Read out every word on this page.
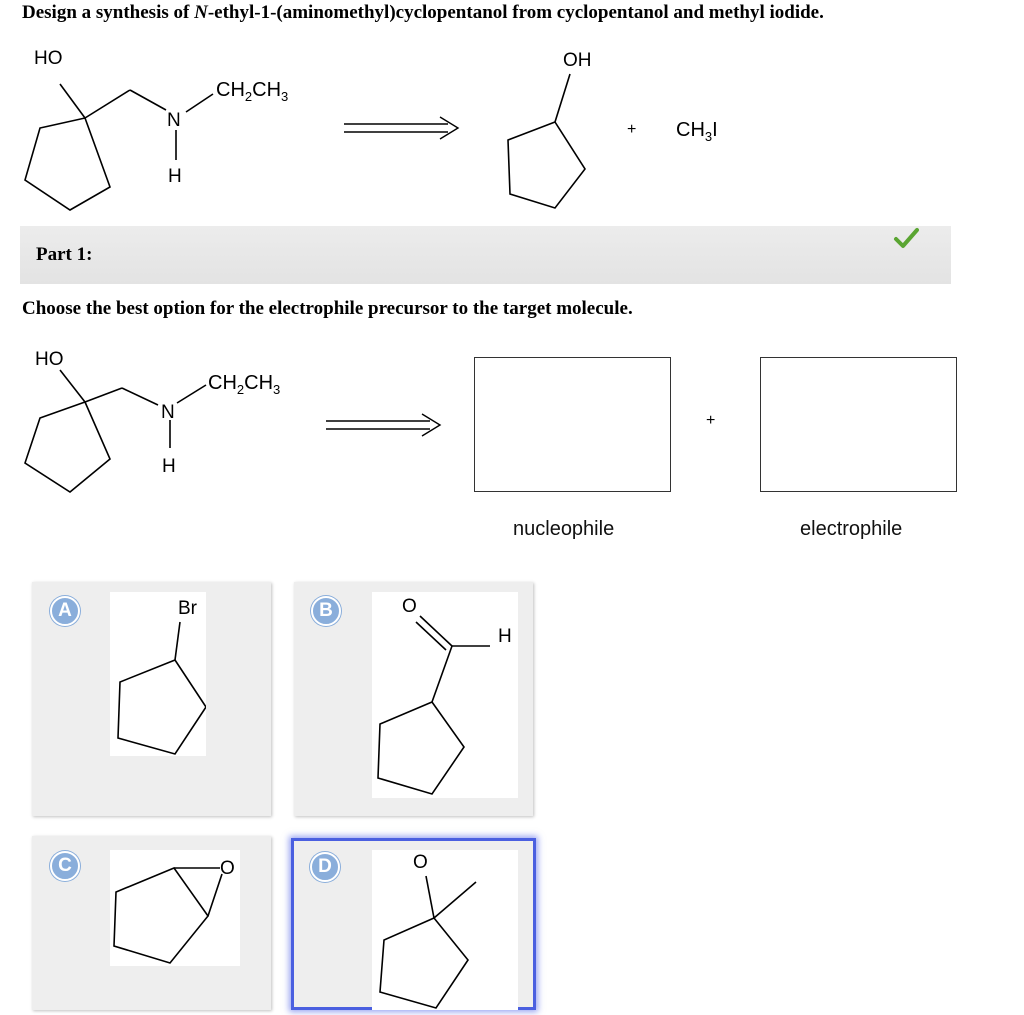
Design a synthesis of N-ethyl-1-(aminomethyl)cyclopentanol from cyclopentanol and methyl iodide.
HO
N
H
$CH_2CH_3$
OH
+ $CH_3I$
Part 1:
Choose the best option for the electrophile precursor to the target molecule.
HO
N
H
$CH_2CH_3$
+
nucleophile	electrophile
A	Br	B	O
H
C	O	D	O
